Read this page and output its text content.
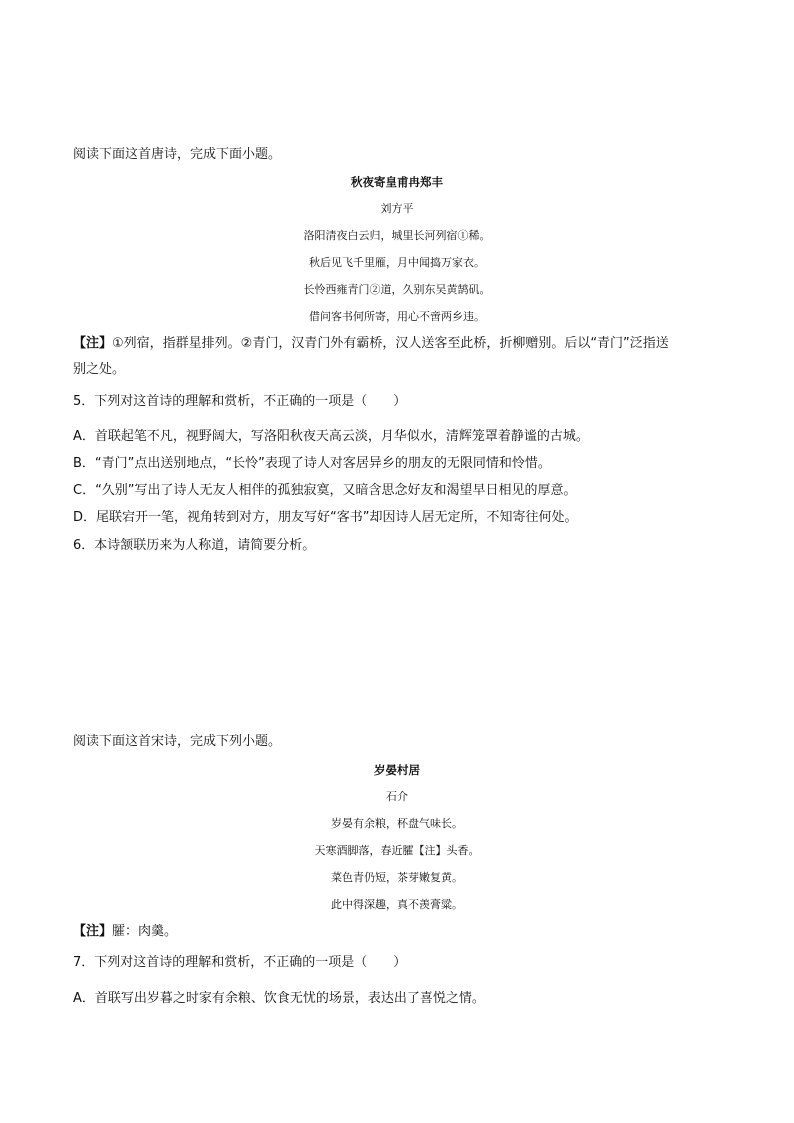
阅读下面这首唐诗，完成下面小题。
秋夜寄皇甫冉郑丰
刘方平
洛阳清夜白云归，城里长河列宿①稀。
秋后见飞千里雁，月中闻捣万家衣。
长怜西雍青门②道，久别东吴黄鹄矶。
借问客书何所寄，用心不啻两乡违。
【注】①列宿，指群星排列。②青门，汉青门外有霸桥，汉人送客至此桥，折柳赠别。后以“青门”泛指送
别之处。
5．下列对这首诗的理解和赏析，不正确的一项是（　　）
A．首联起笔不凡，视野阔大，写洛阳秋夜天高云淡，月华似水，清辉笼罩着静谧的古城。
B．“青门”点出送别地点，“长怜”表现了诗人对客居异乡的朋友的无限同情和怜惜。
C．“久别”写出了诗人无友人相伴的孤独寂寞，又暗含思念好友和渴望早日相见的厚意。
D．尾联宕开一笔，视角转到对方，朋友写好“客书”却因诗人居无定所，不知寄往何处。
6．本诗颔联历来为人称道，请简要分析。
阅读下面这首宋诗，完成下列小题。
岁晏村居
石介
岁晏有余粮，杯盘气味长。
天寒酒脚落，春近臛【注】头香。
菜色青仍短，茶芽嫩复黄。
此中得深趣，真不羡膏粱。
【注】臛：肉羹。
7．下列对这首诗的理解和赏析，不正确的一项是（　　）
A．首联写出岁暮之时家有余粮、饮食无忧的场景，表达出了喜悦之情。
